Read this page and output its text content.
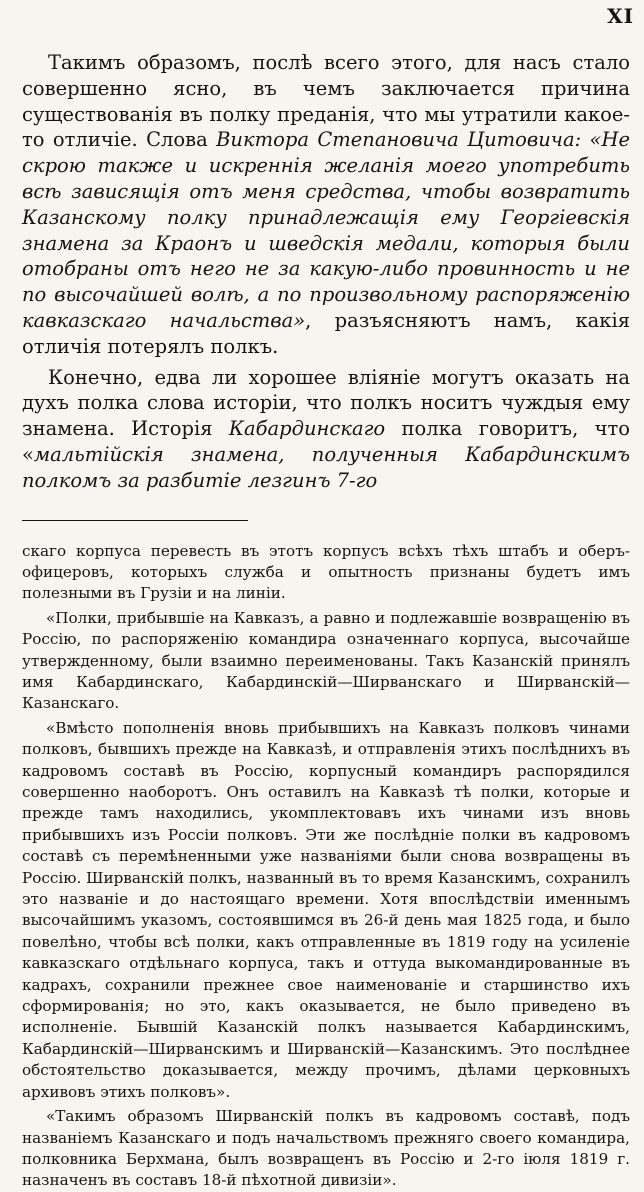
XI

Такимъ образомъ, послѣ всего этого, для насъ стало совершенно ясно, въ чемъ заключается причина существованія въ полку преданія, что мы утратили какое-то отличіе. Слова Виктора Степановича Цитовича: «Не скрою также и искреннія желанія моего употребить всѣ зависящія отъ меня средства, чтобы возвратить Казанскому полку принадлежащія ему Георгіевскія знамена за Краонъ и шведскія медали, которыя были отобраны отъ него не за какую-либо провинность и не по высочайшей волѣ, а по произвольному распоряженію кавказскаго начальства», разъясняютъ намъ, какія отличія потерялъ полкъ.

Конечно, едва ли хорошее вліяніе могутъ оказать на духъ полка слова исторіи, что полкъ носитъ чуждыя ему знамена. Исторія Кабардинскаго полка говоритъ, что «мальтійскія знамена, полученныя Кабардинскимъ полкомъ за разбитіе лезгинъ 7-го

скаго корпуса перевесть въ этотъ корпусъ всѣхъ тѣхъ штабъ и оберъ-офицеровъ, которыхъ служба и опытность признаны будетъ имъ полезными въ Грузіи и на линіи.

«Полки, прибывшіе на Кавказъ, а равно и подлежавшіе возвращенію въ Россію, по распоряженію командира означеннаго корпуса, высочайше утвержденному, были взаимно переименованы. Такъ Казанскій принялъ имя Кабардинскаго, Кабардинскій—Ширванскаго и Ширванскій—Казанскаго.

«Вмѣсто пополненія вновь прибывшихъ на Кавказъ полковъ чинами полковъ, бывшихъ прежде на Кавказѣ, и отправленія этихъ послѣднихъ въ кадровомъ составѣ въ Россію, корпусный командиръ распорядился совершенно наоборотъ. Онъ оставилъ на Кавказѣ тѣ полки, которые и прежде тамъ находились, укомплектовавъ ихъ чинами изъ вновь прибывшихъ изъ Россіи полковъ. Эти же послѣдніе полки въ кадровомъ составѣ съ перемѣненными уже названіями были снова возвращены въ Россію. Ширванскій полкъ, названный въ то время Казанскимъ, сохранилъ это названіе и до настоящаго времени. Хотя впослѣдствіи именнымъ высочайшимъ указомъ, состоявшимся въ 26-й день мая 1825 года, и было повелѣно, чтобы всѣ полки, какъ отправленные въ 1819 году на усиленіе кавказскаго отдѣльнаго корпуса, такъ и оттуда выкомандированные въ кадрахъ, сохранили прежнее свое наименованіе и старшинство ихъ сформированія; но это, какъ оказывается, не было приведено въ исполненіе. Бывшій Казанскій полкъ называется Кабардинскимъ, Кабардинскій—Ширванскимъ и Ширванскій—Казанскимъ. Это послѣднее обстоятельство доказывается, между прочимъ, дѣлами церковныхъ архивовъ этихъ полковъ».

«Такимъ образомъ Ширванскій полкъ въ кадровомъ составѣ, подъ названіемъ Казанскаго и подъ начальствомъ прежняго своего командира, полковника Берхмана, былъ возвращенъ въ Россію и 2-го іюля 1819 г. назначенъ въ составъ 18-й пѣхотной дивизіи».
